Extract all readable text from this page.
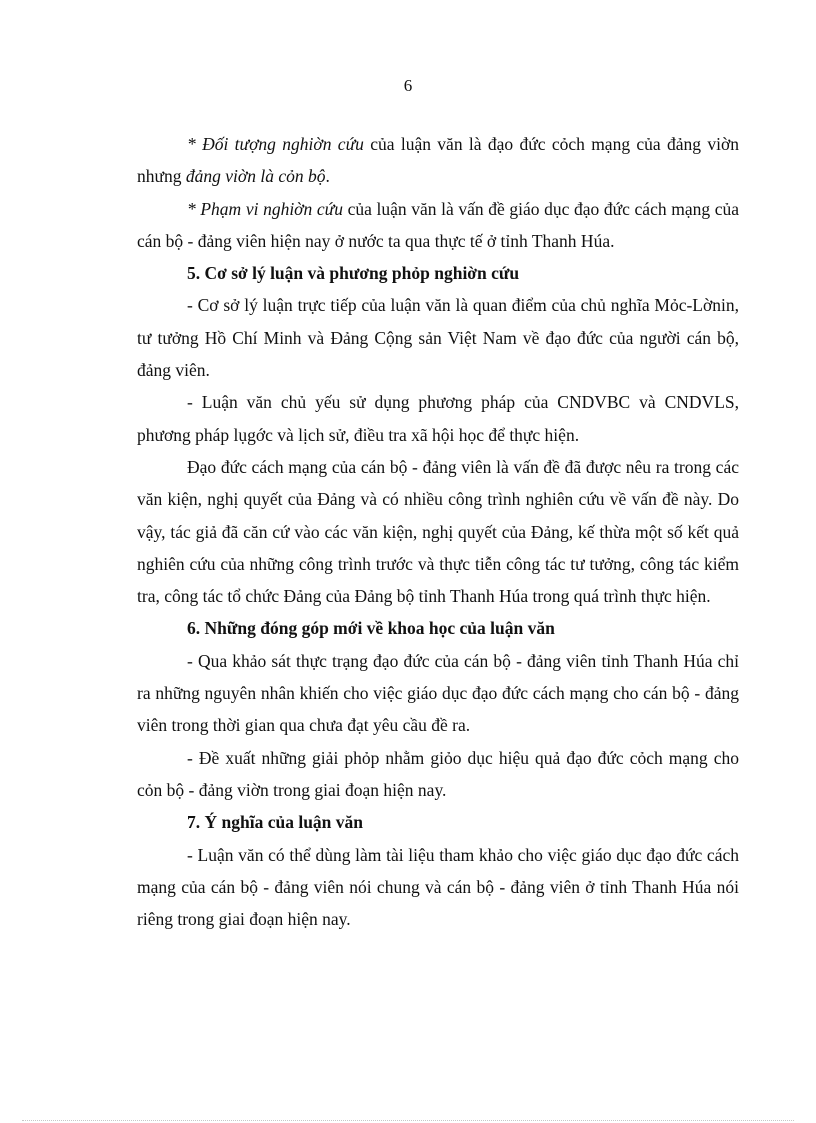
6

* Đối tượng nghiờn cứu của luận văn là đạo đức cỏch mạng của đảng viờn nhưng đảng viờn là cỏn bộ.

* Phạm vi nghiờn cứu của luận văn là vấn đề giáo dục đạo đức cách mạng của cán bộ - đảng viên hiện nay ở nước ta qua thực tế ở tỉnh Thanh Húa.

5. Cơ sở lý luận và phương phỏp nghiờn cứu

- Cơ sở lý luận trực tiếp của luận văn là quan điểm của chủ nghĩa Mỏc-Lờnin, tư tưởng Hồ Chí Minh và Đảng Cộng sản Việt Nam về đạo đức của người cán bộ, đảng viên.

- Luận văn chủ yếu sử dụng phương pháp của CNDVBC và CNDVLS, phương pháp lụgớc và lịch sử, điều tra xã hội học để thực hiện.

Đạo đức cách mạng của cán bộ - đảng viên là vấn đề đã được nêu ra trong các văn kiện, nghị quyết của Đảng và có nhiều công trình nghiên cứu về vấn đề này. Do vậy, tác giả đã căn cứ vào các văn kiện, nghị quyết của Đảng, kế thừa một số kết quả nghiên cứu của những công trình trước và thực tiễn công tác tư tưởng, công tác kiểm tra, công tác tổ chức Đảng của Đảng bộ tỉnh Thanh Húa trong quá trình thực hiện.

6. Những đóng góp mới về khoa học của luận văn

- Qua khảo sát thực trạng đạo đức của cán bộ - đảng viên tỉnh Thanh Húa chỉ ra những nguyên nhân khiến cho việc giáo dục đạo đức cách mạng cho cán bộ - đảng viên trong thời gian qua chưa đạt yêu cầu đề ra.

- Đề xuất những giải phỏp nhằm giỏo dục hiệu quả đạo đức cỏch mạng cho cỏn bộ - đảng viờn trong giai đoạn hiện nay.

7. Ý nghĩa của luận văn

- Luận văn có thể dùng làm tài liệu tham khảo cho việc giáo dục đạo đức cách mạng của cán bộ - đảng viên nói chung và cán bộ - đảng viên ở tỉnh Thanh Húa nói riêng trong giai đoạn hiện nay.
